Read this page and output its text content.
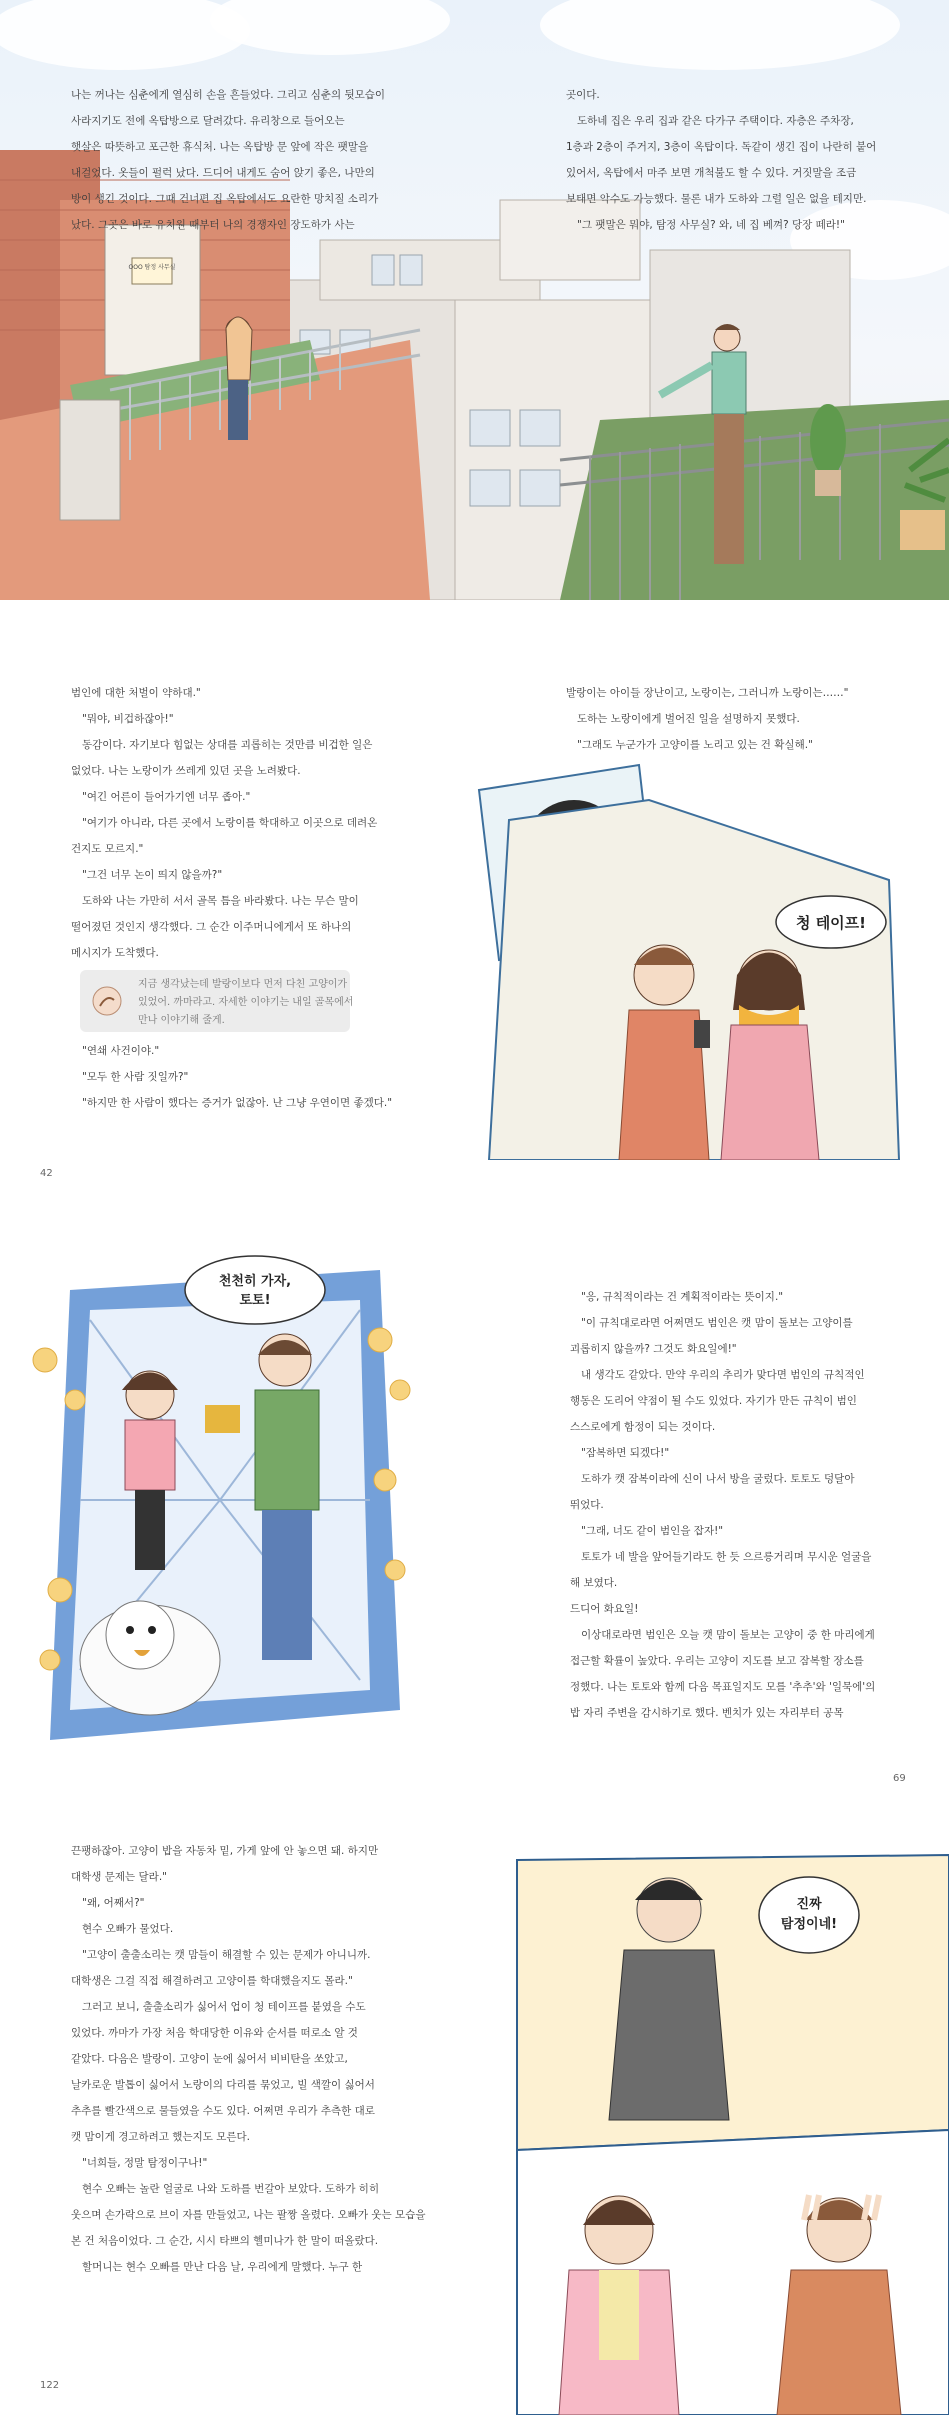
OOO 탐정 사무실

나는 꺼나는 심춘에게 열심히 손을 흔들었다. 그리고 심춘의 뒷모습이

사라지기도 전에 옥탑방으로 달려갔다. 유리창으로 들어오는

햇살은 따뜻하고 포근한 휴식처. 나는 옥탑방 문 앞에 작은 팻말을

내걸었다. 옷들이 펄럭 났다. 드디어 내게도 숨어 앉기 좋은, 나만의

방이 생긴 것이다. 그때 건너편 집 옥탑에서도 요란한 망치질 소리가

났다. 그곳은 바로 유치원 때부터 나의 경쟁자인 장도하가 사는

곳이다.

도하네 집은 우리 집과 같은 다가구 주택이다. 자층은 주차장,

1층과 2층이 주거지, 3층이 옥탑이다. 독같이 생긴 집이 나란히 붙어

있어서, 옥탑에서 마주 보면 개척불도 할 수 있다. 거짓말을 조금

보태면 악수도 가능했다. 물론 내가 도하와 그럴 일은 없을 테지만.

"그 팻말은 뭐야, 탐정 사무실? 와, 네 집 베껴? 당장 떼라!"

범인에 대한 처벌이 약하대."

"뭐야, 비겁하잖아!"

동감이다. 자기보다 힘없는 상대를 괴롭히는 것만큼 비겁한 일은

없었다. 나는 노랑이가 쓰레게 있던 곳을 노려봤다.

"여긴 어른이 들어가기엔 너무 좁아."

"여기가 아니라, 다른 곳에서 노랑이를 학대하고 이곳으로 데려온

건지도 모르지."

"그건 너무 논이 띄지 않을까?"

도하와 나는 가만히 서서 골목 틈을 바라봤다. 나는 무슨 말이

떨어졌던 것인지 생각했다. 그 순간 이주머니에게서 또 하나의

메시지가 도착했다.

"연쇄 사건이야."

"모두 한 사람 짓일까?"

"하지만 한 사람이 했다는 증거가 없잖아. 난 그냥 우연이면 좋겠다."

42
청 테이프!

발랑이는 아이들 장난이고, 노랑이는, 그러니까 노랑이는……"

도하는 노랑이에게 벌어진 일을 설명하지 못했다.

"그래도 누군가가 고양이를 노리고 있는 건 확실해."

지금 생각났는데 발랑이보다 먼저 다친 고양이가

있었어. 까마라고. 자세한 이야기는 내일 골목에서

만나 이야기해 줄게.

천천히 가자,
토토!	"응, 규칙적이라는 건 계획적이라는 뜻이지."

"이 규칙대로라면 어쩌면도 범인은 캣 맘이 돌보는 고양이를

괴롭히지 않을까? 그것도 화요일에!"

내 생각도 같았다. 만약 우리의 추리가 맞다면 범인의 규칙적인

행동은 도리어 약점이 될 수도 있었다. 자기가 만든 규칙이 범인

스스로에게 함정이 되는 것이다.

"잠복하면 되겠다!"

도하가 캣 잠복이라에 신이 나서 방을 굴렀다. 토토도 덩달아

뛰었다.

"그래, 너도 같이 범인을 잡자!"

토토가 네 발을 앞어들기라도 한 듯 으르릉거리며 무시운 얼굴을

해 보였다.

드디어 화요일!

이상대로라면 범인은 오늘 캣 맘이 돌보는 고양이 중 한 마리에게

접근할 확률이 높았다. 우리는 고양이 지도를 보고 잠복할 장소를

정했다. 나는 토토와 함께 다음 목표일지도 모를 '추추'와 '일묵에'의

밥 자리 주변을 감시하기로 했다. 벤치가 있는 자리부터 공목

69

끈팽하잖아. 고양이 밥을 자동차 밑, 가게 앞에 안 놓으면 돼. 하지만

대학생 문제는 달라."

"왜, 어째서?"

현수 오빠가 물었다.

"고양이 출출소리는 캣 맘들이 해결할 수 있는 문제가 아니니까.

대학생은 그걸 직접 해결하려고 고양이를 학대했을지도 몰라."

그러고 보니, 출출소리가 싫어서 업이 청 테이프를 붙였을 수도

있었다. 까마가 가장 처음 학대당한 이유와 순서를 떠로소 알 것

같았다. 다음은 발랑이. 고양이 눈에 싫어서 비비탄을 쏘았고,

날카로운 발톱이 싫어서 노랑이의 다리를 묶었고, 빌 색깔이 싫어서

추추를 빨간색으로 물들였을 수도 있다. 어쩌면 우리가 추측한 대로

캣 맘이게 경고하려고 했는지도 모른다.

"너희들, 정말 탐정이구나!"

현수 오빠는 놀란 얼굴로 나와 도하를 번갈아 보았다. 도하가 히히

웃으며 손가락으로 브이 자를 만들었고, 나는 팔짱 올렸다. 오빠가 웃는 모습을

본 건 처음이었다. 그 순간, 시시 타쁘의 헬미나가 한 말이 떠올랐다.

할머니는 현수 오빠를 만난 다음 날, 우리에게 말했다. 누구 한

122
진짜
탐정이네!
